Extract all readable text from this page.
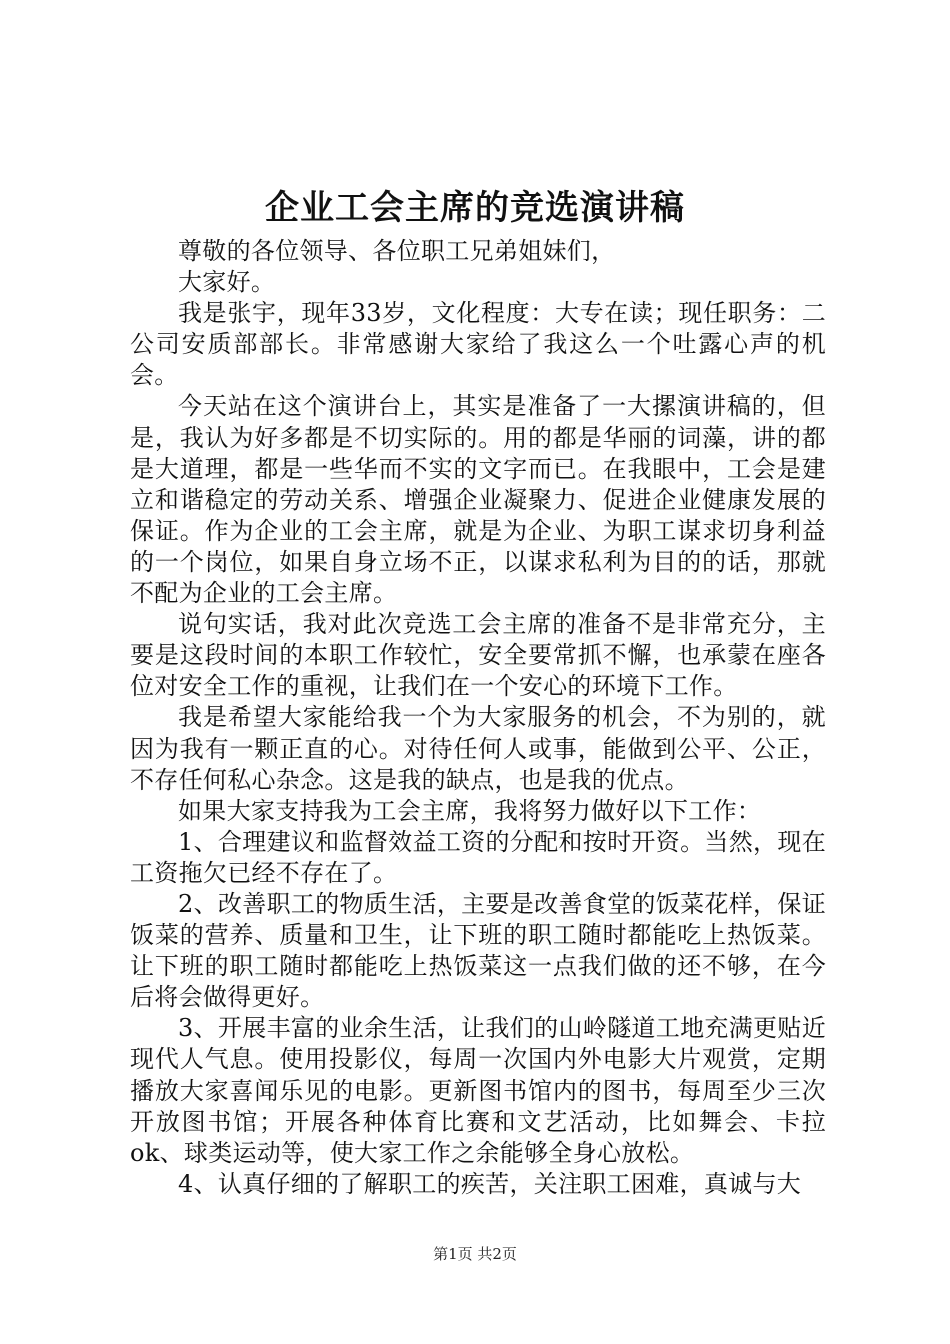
企业工会主席的竞选演讲稿

尊敬的各位领导、各位职工兄弟姐妹们，

大家好。

我是张宇，现年33岁，文化程度：大专在读；现任职务：二公司安质部部长。非常感谢大家给了我这么一个吐露心声的机会。

今天站在这个演讲台上，其实是准备了一大摞演讲稿的，但是，我认为好多都是不切实际的。用的都是华丽的词藻，讲的都是大道理，都是一些华而不实的文字而已。在我眼中，工会是建立和谐稳定的劳动关系、增强企业凝聚力、促进企业健康发展的保证。作为企业的工会主席，就是为企业、为职工谋求切身利益的一个岗位，如果自身立场不正，以谋求私利为目的的话，那就不配为企业的工会主席。

说句实话，我对此次竞选工会主席的准备不是非常充分，主要是这段时间的本职工作较忙，安全要常抓不懈，也承蒙在座各位对安全工作的重视，让我们在一个安心的环境下工作。

我是希望大家能给我一个为大家服务的机会，不为别的，就因为我有一颗正直的心。对待任何人或事，能做到公平、公正，不存任何私心杂念。这是我的缺点，也是我的优点。

如果大家支持我为工会主席，我将努力做好以下工作：

1、合理建议和监督效益工资的分配和按时开资。当然，现在工资拖欠已经不存在了。

2、改善职工的物质生活，主要是改善食堂的饭菜花样，保证饭菜的营养、质量和卫生，让下班的职工随时都能吃上热饭菜。让下班的职工随时都能吃上热饭菜这一点我们做的还不够，在今后将会做得更好。

3、开展丰富的业余生活，让我们的山岭隧道工地充满更贴近现代人气息。使用投影仪，每周一次国内外电影大片观赏，定期播放大家喜闻乐见的电影。更新图书馆内的图书，每周至少三次开放图书馆；开展各种体育比赛和文艺活动，比如舞会、卡拉ok、球类运动等，使大家工作之余能够全身心放松。

4、认真仔细的了解职工的疾苦，关注职工困难，真诚与大

第1页 共2页
